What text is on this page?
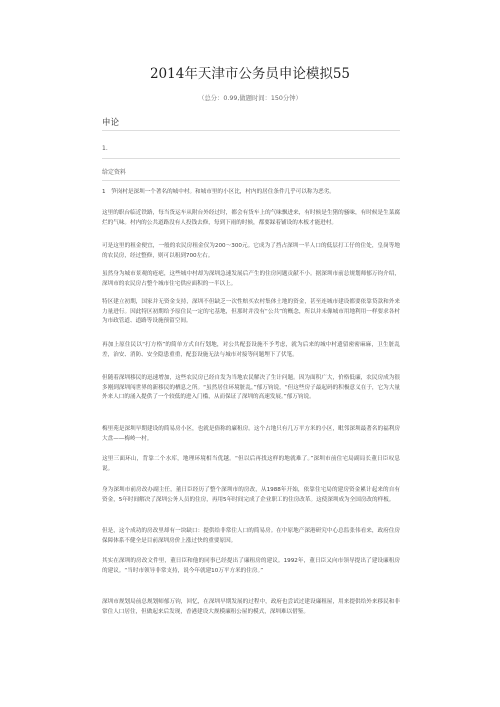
2014年天津市公务员申论模拟55
（总分：0.99,做题时间：150分钟）
申论
1.
给定资料

1　笋岗村是深圳一个著名的城中村。和城市里的小区比，村内的居住条件几乎可以称为恶劣。

这里的职台临近铁路，每当货运车从附台外经过时，都会有货车上的气味飘进来，有时候是生猪的骚味，有时候是生菜腐烂的气味。村内的公共道路没有人投钱去修，每到下雨的时候，都要踩着铺设的木板才能进村。

可是这里的租金便宜，一般的农民房租金仅为200～300元。它成为了挡占深圳一半人口的低层打工仔的住处，皇岗等地的农民房，经过整修，则可以租到700左右。

虽然身为城市景观的疮疤，这些城中村却为深圳急速发展后产生的住房问题贡献不小。据深圳市前总规划师郁万钧介绍，深圳市的农民房占整个城市住宅供应面积的一半以上。

特区建立初期，国家并无资金支持，深圳不但缺乏一次性赔买农村集体土地的资金，甚至连城市建设都要依靠贷款和外来力量进行。因此特区初期给予原住民一定的宅基地，但那时并没有“公共”的概念，所以并未像城市用地利用一样要求各村为市政管道、道路等设施预留空间。

再加上原住民以“打方格”的简单方式自行划地，对公共配套设施不予考虑，就为后来的城中村遗留密密麻麻，卫生脏乱差，治安、消防、安全隐患重重，配套设施无法与城市对接等问题埋下了伏笔。

但随着深圳移民的迅速增加，这些农民房已经自发为当地农民解决了生计问题。因为面积广大，价格低廉，农民房成为很多刚到深圳闯世界的新移民的栖息之所。“虽然居住环境脏乱，”郁万钧说，“但这些房子最起码的积极意义在于，它为大量外来人口的涌入提供了一个较低的进入门槛，从而保证了深圳的高速发展。”郁万钧说。

梅里苑是深圳早期建设的简易房小区，也就是俗称的廉租房。这个占地只有几万平方米的小区，毗邻深圳最著名的福利房大盘——梅岭一村。

这里三面环山，背靠二个水库，地理环境相当优越。“但以后再找这样的地就难了。”深圳市前住宅局副局长董日臣叹息说。

身为深圳市前房改办副主任，董日臣经历了整个深圳市的房改，从1988年开始，依靠住宅局的建房资金累计起来的自有资金，5年时间解决了深圳公务人员的住房，再用5年时间完成了企业职工的住房改革。这使深圳成为全国房改的样板。

但是，这个成功的房改里却有一块缺口：提供给非常住人口的简易房。在中原地产深港研究中心总监张伟看来，政府住房保障体系不健全是目前深圳房价上涨过快的重要原因。

其实在深圳的房改文件里，董日臣和他的同事已经提出了廉租房的建议。1992年，董日臣又向市领导提出了建设廉租房的建议。“当时市领导非常支持，说今年就建10万平方米的住房。”

深圳市规划局前总规划师郁万钧，回忆，在深圳早期发展的过程中，政府也尝试过建设廉租屋，用来提供给外来移民和非常住人口居住，但做起来后发现，香港建设大规模廉租公屋的模式，深圳难以借鉴。
